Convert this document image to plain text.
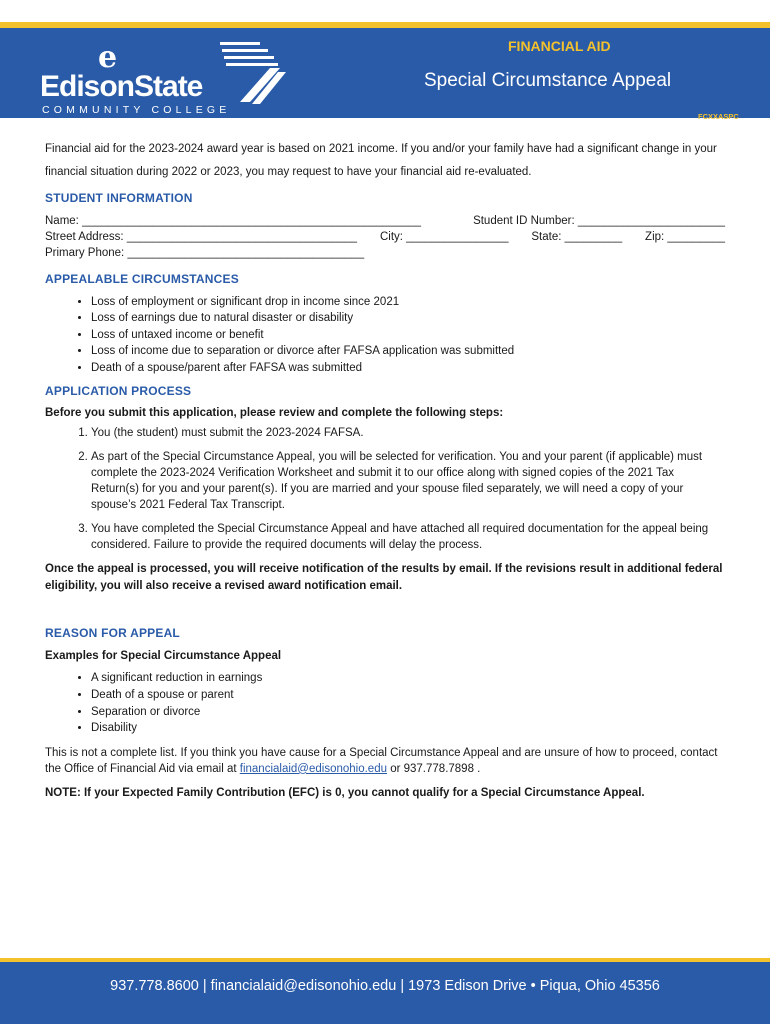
e
EdisonState
COMMUNITY COLLEGE
FINANCIAL AID
Special Circumstance Appeal
FCXXASPC

Financial aid for the 2023-2024 award year is based on 2021 income. If you and/or your family have had a significant change in your financial situation during 2022 or 2023, you may request to have your financial aid re-evaluated.

STUDENT INFORMATION
Name: _____________________________________________________	Student ID Number: _______________________
Street Address: ____________________________________ City: ________________ State: _________ Zip: _________
Primary Phone: _____________________________________
APPEALABLE CIRCUMSTANCES
• Loss of employment or significant drop in income since 2021
• Loss of earnings due to natural disaster or disability
• Loss of untaxed income or benefit
• Loss of income due to separation or divorce after FAFSA application was submitted
• Death of a spouse/parent after FAFSA was submitted
APPLICATION PROCESS
Before you submit this application, please review and complete the following steps:
1. You (the student) must submit the 2023-2024 FAFSA.
2. As part of the Special Circumstance Appeal, you will be selected for verification. You and your parent (if applicable) must complete the 2023-2024 Verification Worksheet and submit it to our office along with signed copies of the 2021 Tax Return(s) for you and your parent(s). If you are married and your spouse filed separately, we will need a copy of your spouse’s 2021 Federal Tax Transcript.
3. You have completed the Special Circumstance Appeal and have attached all required documentation for the appeal being considered. Failure to provide the required documents will delay the process.
Once the appeal is processed, you will receive notification of the results by email. If the revisions result in additional federal eligibility, you will also receive a revised award notification email.
REASON FOR APPEAL
Examples for Special Circumstance Appeal
• A significant reduction in earnings
• Death of a spouse or parent
• Separation or divorce
• Disability
This is not a complete list. If you think you have cause for a Special Circumstance Appeal and are unsure of how to proceed, contact the Office of Financial Aid via email at financialaid@edisonohio.edu or 937.778.7898 .
NOTE: If your Expected Family Contribution (EFC) is 0, you cannot qualify for a Special Circumstance Appeal.
937.778.8600 | financialaid@edisonohio.edu | 1973 Edison Drive • Piqua, Ohio 45356
